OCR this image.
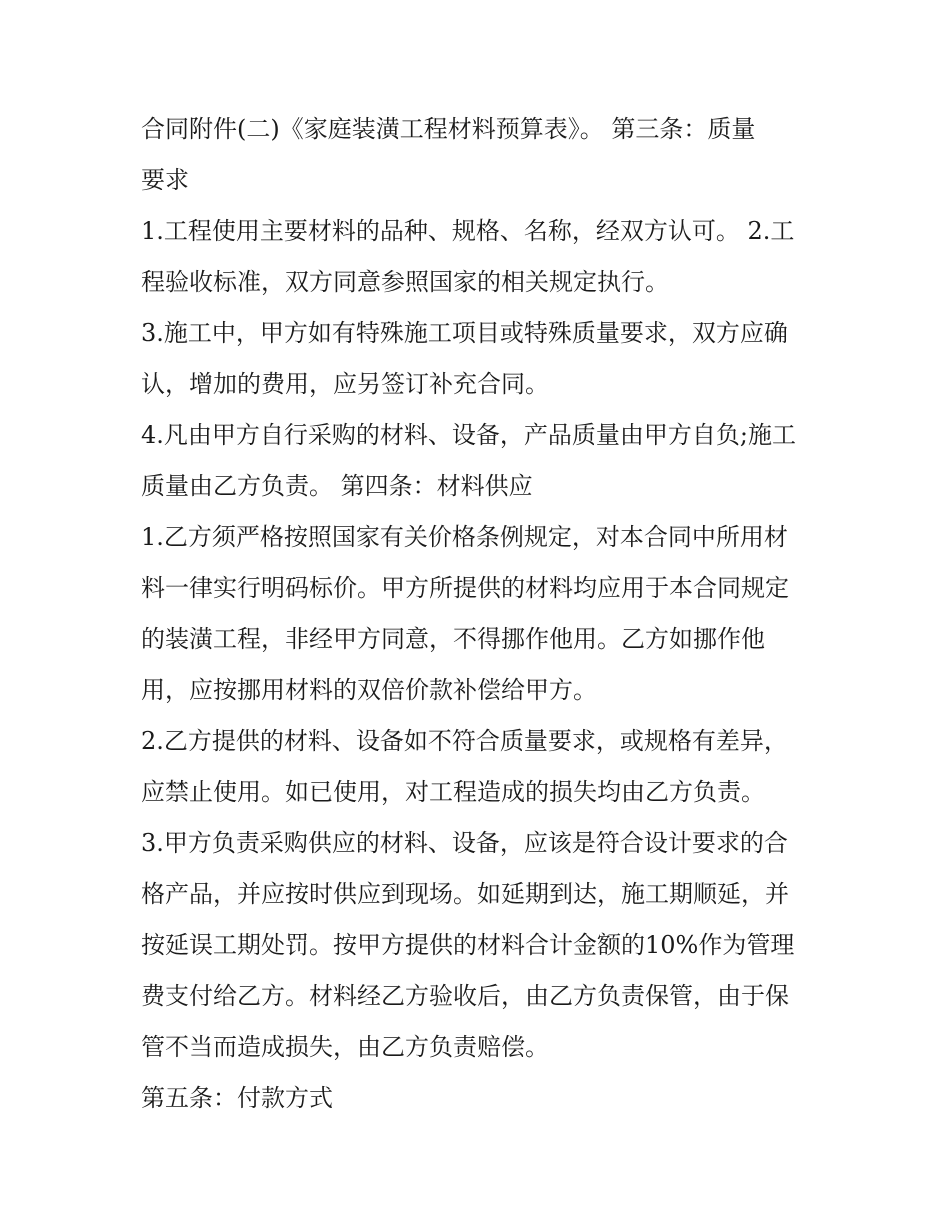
合同附件(二)《家庭装潢工程材料预算表》。 第三条：质量
要求
1.工程使用主要材料的品种、规格、名称，经双方认可。 2.工
程验收标准，双方同意参照国家的相关规定执行。
3.施工中，甲方如有特殊施工项目或特殊质量要求，双方应确
认，增加的费用，应另签订补充合同。
4.凡由甲方自行采购的材料、设备，产品质量由甲方自负;施工
质量由乙方负责。 第四条：材料供应
1.乙方须严格按照国家有关价格条例规定，对本合同中所用材
料一律实行明码标价。甲方所提供的材料均应用于本合同规定
的装潢工程，非经甲方同意，不得挪作他用。乙方如挪作他
用，应按挪用材料的双倍价款补偿给甲方。
2.乙方提供的材料、设备如不符合质量要求，或规格有差异，
应禁止使用。如已使用，对工程造成的损失均由乙方负责。
3.甲方负责采购供应的材料、设备，应该是符合设计要求的合
格产品，并应按时供应到现场。如延期到达，施工期顺延，并
按延误工期处罚。按甲方提供的材料合计金额的10%作为管理
费支付给乙方。材料经乙方验收后，由乙方负责保管，由于保
管不当而造成损失，由乙方负责赔偿。
第五条：付款方式
